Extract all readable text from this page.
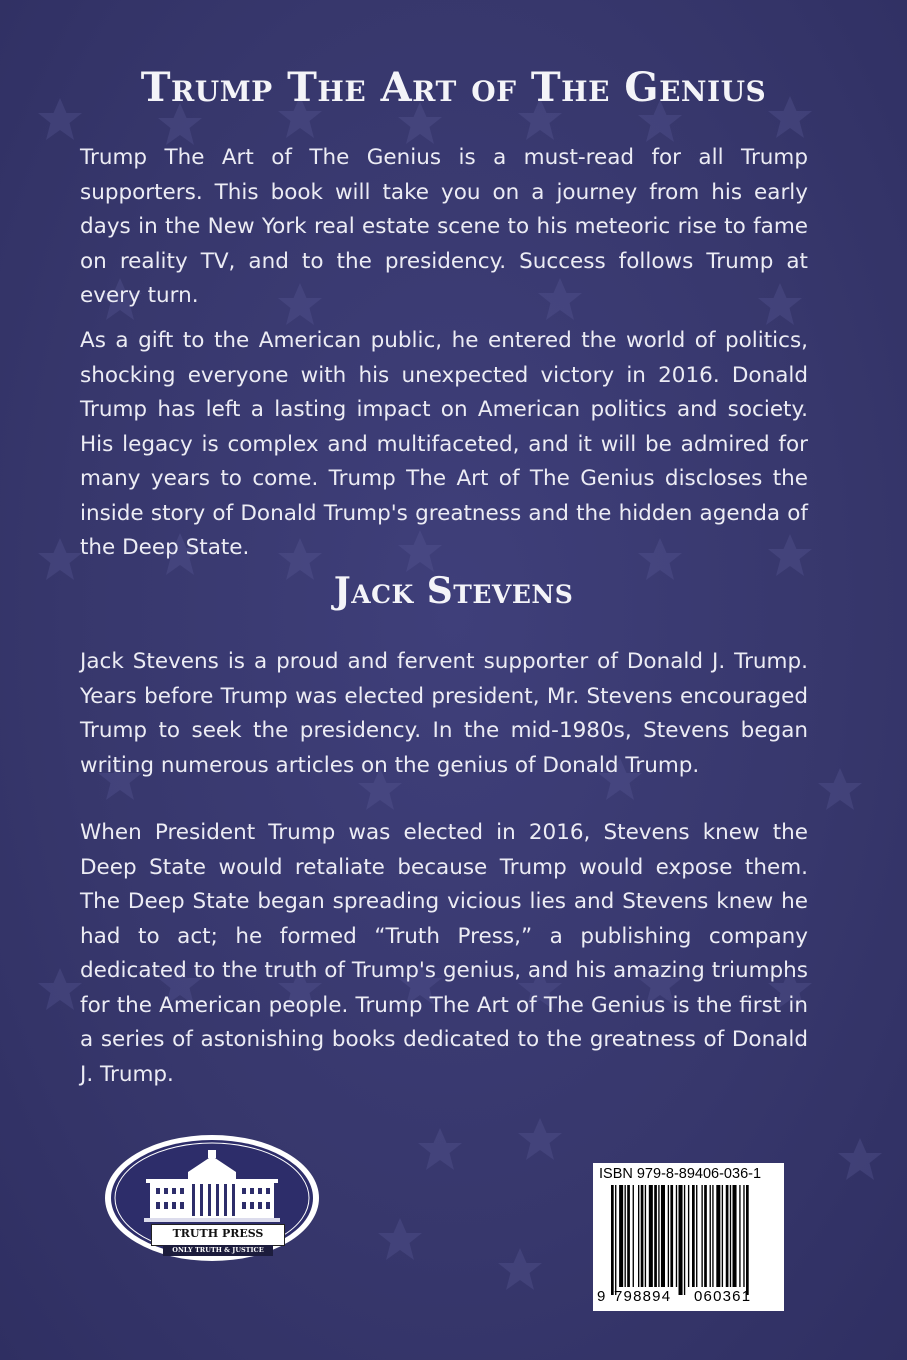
Trump The Art of The Genius

Trump The Art of The Genius is a must-read for all Trump supporters. This book will take you on a journey from his early days in the New York real estate scene to his meteoric rise to fame on reality TV, and to the presidency. Success follows Trump at every turn.

As a gift to the American public, he entered the world of politics, shocking everyone with his unexpected victory in 2016. Donald Trump has left a lasting impact on American politics and society. His legacy is complex and multifaceted, and it will be admired for many years to come. Trump The Art of The Genius discloses the inside story of Donald Trump's greatness and the hidden agenda of the Deep State.

Jack Stevens

Jack Stevens is a proud and fervent supporter of Donald J. Trump. Years before Trump was elected president, Mr. Stevens encouraged Trump to seek the presidency. In the mid-1980s, Stevens began writing numerous articles on the genius of Donald Trump.

When President Trump was elected in 2016, Stevens knew the Deep State would retaliate because Trump would expose them. The Deep State began spreading vicious lies and Stevens knew he had to act; he formed “Truth Press,” a publishing company dedicated to the truth of Trump's genius, and his amazing triumphs for the American people. Trump The Art of The Genius is the first in a series of astonishing books dedicated to the greatness of Donald J. Trump.

TRUTH PRESS
ONLY TRUTH & JUSTICE
ISBN 979-8-89406-036-1
9 798894 060361
